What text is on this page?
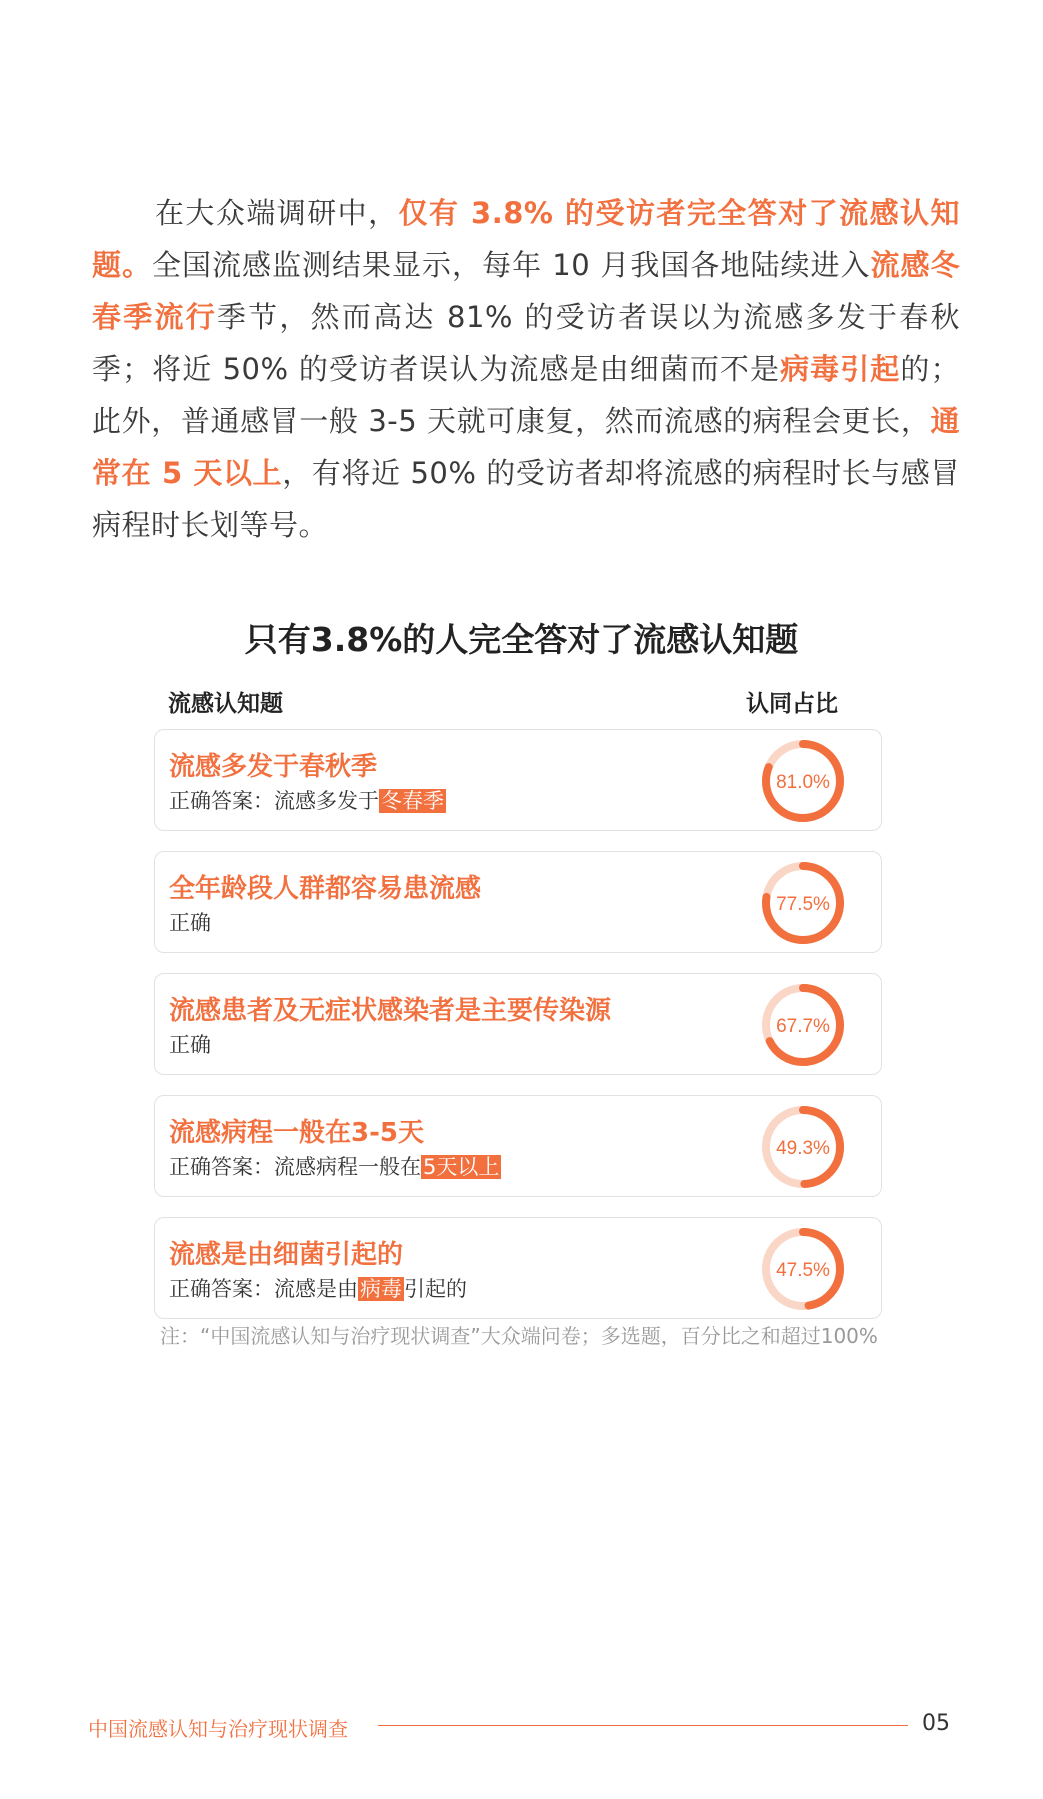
在大众端调研中，仅有 3.8% 的受访者完全答对了流感认知题。全国流感监测结果显示，每年 10 月我国各地陆续进入流感冬春季流行季节，然而高达 81% 的受访者误以为流感多发于春秋季；将近 50% 的受访者误认为流感是由细菌而不是病毒引起的；此外，普通感冒一般 3-5 天就可康复，然而流感的病程会更长，通常在 5 天以上，有将近 50% 的受访者却将流感的病程时长与感冒病程时长划等号。
只有3.8%的人完全答对了流感认知题
流感认知题	认同占比
流感多发于春秋季
正确答案：流感多发于冬春季
81.0%
全年龄段人群都容易患流感
正确
77.5%
流感患者及无症状感染者是主要传染源
正确
67.7%
流感病程一般在3-5天
正确答案：流感病程一般在5天以上
49.3%
流感是由细菌引起的
正确答案：流感是由病毒引起的
47.5%
注：“中国流感认知与治疗现状调查”大众端问卷；多选题，百分比之和超过100%
中国流感认知与治疗现状调查	05
